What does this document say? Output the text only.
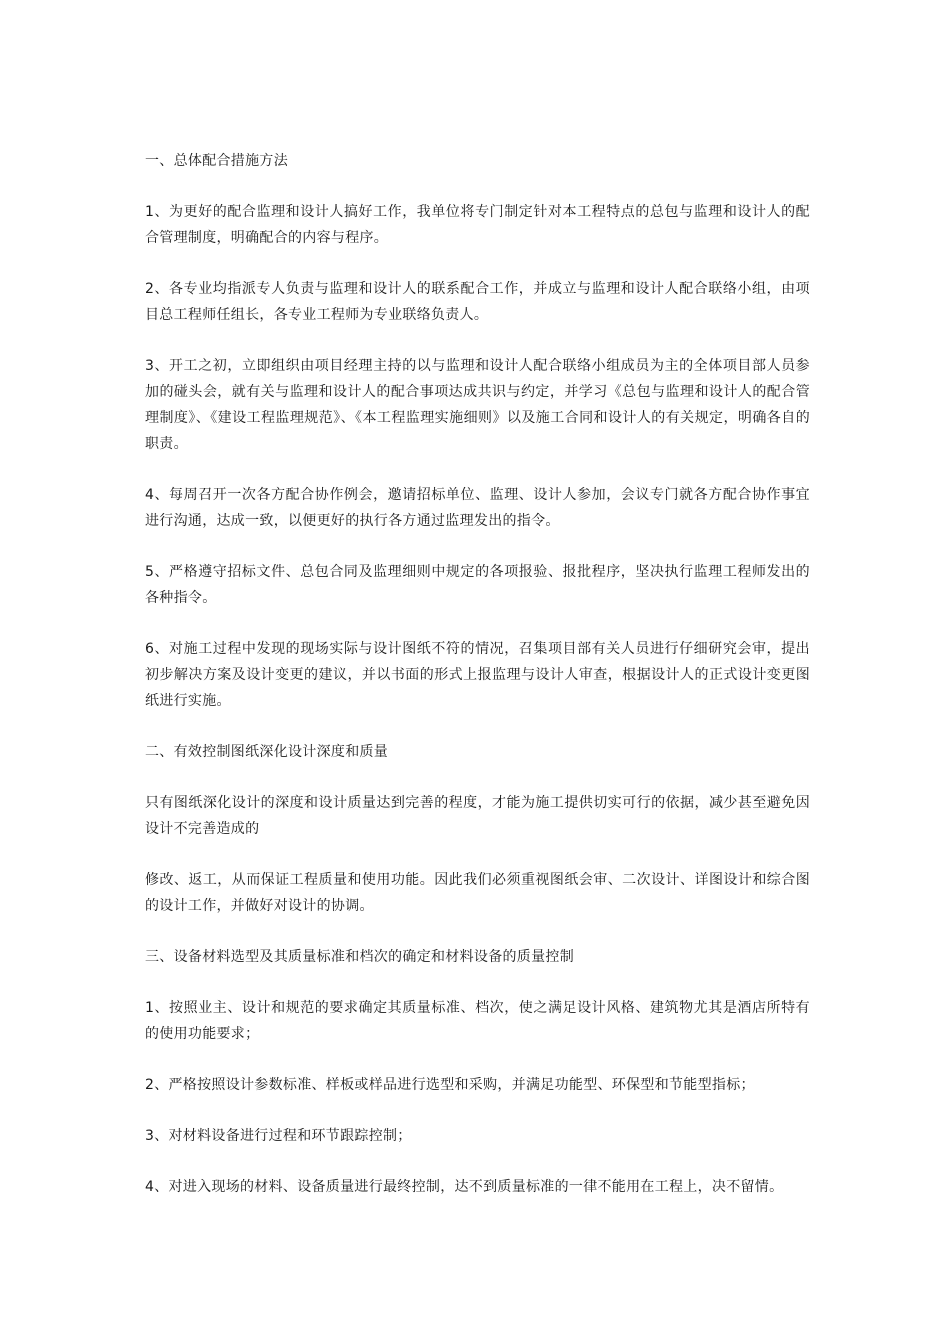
一、总体配合措施方法

1、为更好的配合监理和设计人搞好工作，我单位将专门制定针对本工程特点的总包与监理和设计人的配合管理制度，明确配合的内容与程序。

2、各专业均指派专人负责与监理和设计人的联系配合工作，并成立与监理和设计人配合联络小组，由项目总工程师任组长，各专业工程师为专业联络负责人。

3、开工之初，立即组织由项目经理主持的以与监理和设计人配合联络小组成员为主的全体项目部人员参加的碰头会，就有关与监理和设计人的配合事项达成共识与约定，并学习《总包与监理和设计人的配合管理制度》、《建设工程监理规范》、《本工程监理实施细则》以及施工合同和设计人的有关规定，明确各自的职责。

4、每周召开一次各方配合协作例会，邀请招标单位、监理、设计人参加，会议专门就各方配合协作事宜进行沟通，达成一致，以便更好的执行各方通过监理发出的指令。

5、严格遵守招标文件、总包合同及监理细则中规定的各项报验、报批程序，坚决执行监理工程师发出的各种指令。

6、对施工过程中发现的现场实际与设计图纸不符的情况，召集项目部有关人员进行仔细研究会审，提出初步解决方案及设计变更的建议，并以书面的形式上报监理与设计人审查，根据设计人的正式设计变更图纸进行实施。

二、有效控制图纸深化设计深度和质量

只有图纸深化设计的深度和设计质量达到完善的程度，才能为施工提供切实可行的依据，减少甚至避免因设计不完善造成的

修改、返工，从而保证工程质量和使用功能。因此我们必须重视图纸会审、二次设计、详图设计和综合图的设计工作，并做好对设计的协调。

三、设备材料选型及其质量标准和档次的确定和材料设备的质量控制

1、按照业主、设计和规范的要求确定其质量标准、档次，使之满足设计风格、建筑物尤其是酒店所特有的使用功能要求；

2、严格按照设计参数标准、样板或样品进行选型和采购，并满足功能型、环保型和节能型指标；

3、对材料设备进行过程和环节跟踪控制；

4、对进入现场的材料、设备质量进行最终控制，达不到质量标准的一律不能用在工程上，决不留情。
